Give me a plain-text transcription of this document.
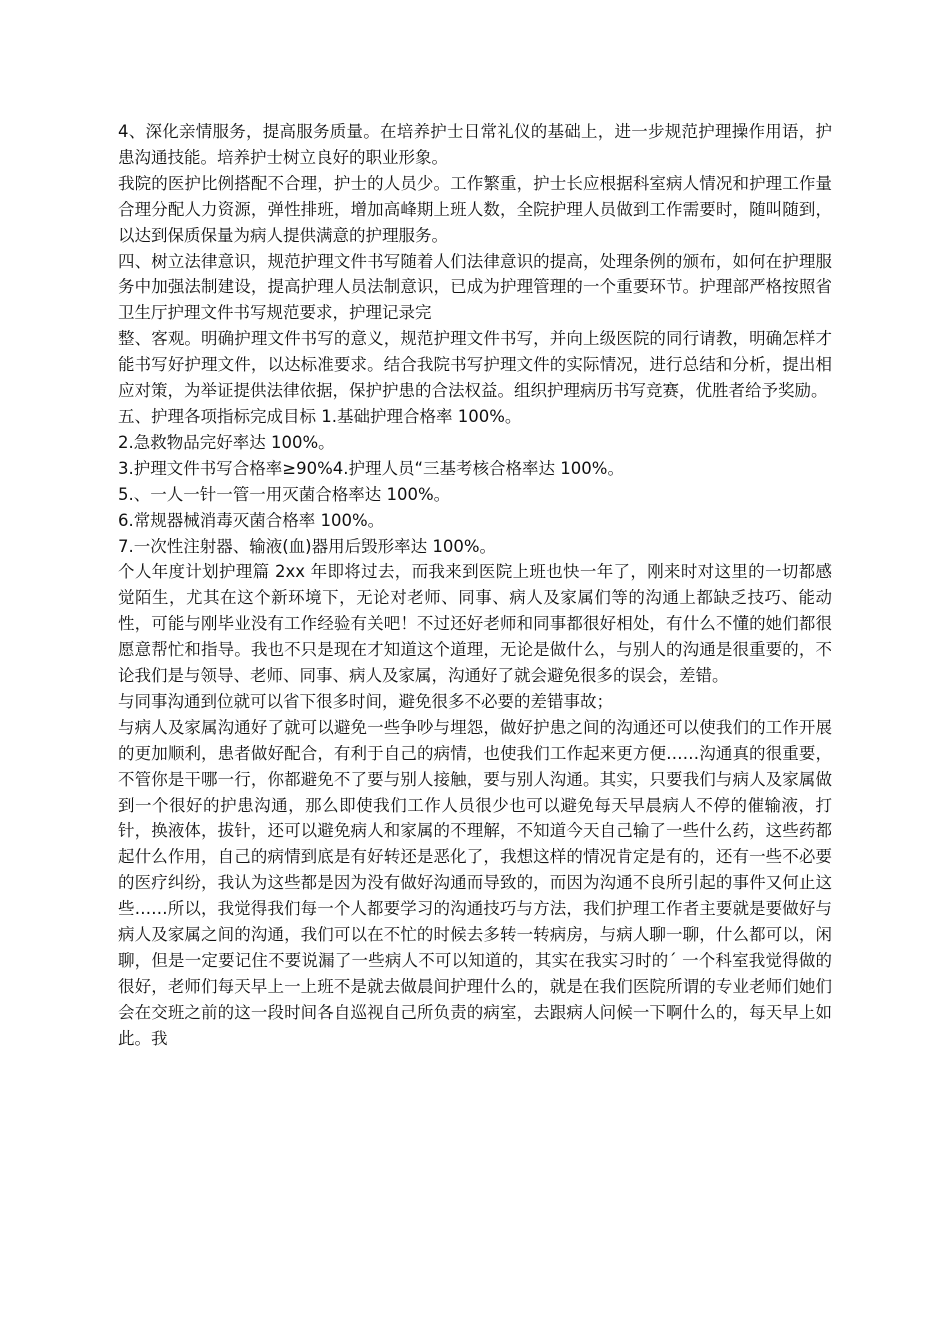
4、深化亲情服务，提高服务质量。在培养护士日常礼仪的基础上，进一步规范护理操作用语，护患沟通技能。培养护士树立良好的职业形象。

我院的医护比例搭配不合理，护士的人员少。工作繁重，护士长应根据科室病人情况和护理工作量合理分配人力资源，弹性排班，增加高峰期上班人数，全院护理人员做到工作需要时，随叫随到，以达到保质保量为病人提供满意的护理服务。

四、树立法律意识，规范护理文件书写随着人们法律意识的提高，处理条例的颁布，如何在护理服务中加强法制建设，提高护理人员法制意识，已成为护理管理的一个重要环节。护理部严格按照省卫生厅护理文件书写规范要求，护理记录完

整、客观。明确护理文件书写的意义，规范护理文件书写，并向上级医院的同行请教，明确怎样才能书写好护理文件，以达标准要求。结合我院书写护理文件的实际情况，进行总结和分析，提出相应对策，为举证提供法律依据，保护护患的合法权益。组织护理病历书写竞赛，优胜者给予奖励。

五、护理各项指标完成目标 1.基础护理合格率 100%。

2.急救物品完好率达 100%。

3.护理文件书写合格率≥90%4.护理人员“三基考核合格率达 100%。

5.、一人一针一管一用灭菌合格率达 100%。

6.常规器械消毒灭菌合格率 100%。

7.一次性注射器、输液(血)器用后毁形率达 100%。

个人年度计划护理篇 2xx 年即将过去，而我来到医院上班也快一年了，刚来时对这里的一切都感觉陌生，尤其在这个新环境下，无论对老师、同事、病人及家属们等的沟通上都缺乏技巧、能动性，可能与刚毕业没有工作经验有关吧！不过还好老师和同事都很好相处，有什么不懂的她们都很愿意帮忙和指导。我也不只是现在才知道这个道理，无论是做什么，与别人的沟通是很重要的，不论我们是与领导、老师、同事、病人及家属，沟通好了就会避免很多的误会，差错。

与同事沟通到位就可以省下很多时间，避免很多不必要的差错事故；

与病人及家属沟通好了就可以避免一些争吵与埋怨，做好护患之间的沟通还可以使我们的工作开展的更加顺利，患者做好配合，有利于自己的病情，也使我们工作起来更方便……沟通真的很重要，不管你是干哪一行，你都避免不了要与别人接触，要与别人沟通。其实，只要我们与病人及家属做到一个很好的护患沟通，那么即使我们工作人员很少也可以避免每天早晨病人不停的催输液，打针，换液体，拔针，还可以避免病人和家属的不理解，不知道今天自己输了一些什么药，这些药都起什么作用，自己的病情到底是有好转还是恶化了，我想这样的情况肯定是有的，还有一些不必要的医疗纠纷，我认为这些都是因为没有做好沟通而导致的，而因为沟通不良所引起的事件又何止这些……所以，我觉得我们每一个人都要学习的沟通技巧与方法，我们护理工作者主要就是要做好与病人及家属之间的沟通，我们可以在不忙的时候去多转一转病房，与病人聊一聊，什么都可以，闲聊，但是一定要记住不要说漏了一些病人不可以知道的，其实在我实习时的´ 一个科室我觉得做的很好，老师们每天早上一上班不是就去做晨间护理什么的，就是在我们医院所谓的专业老师们她们会在交班之前的这一段时间各自巡视自己所负责的病室，去跟病人问候一下啊什么的，每天早上如此。我
